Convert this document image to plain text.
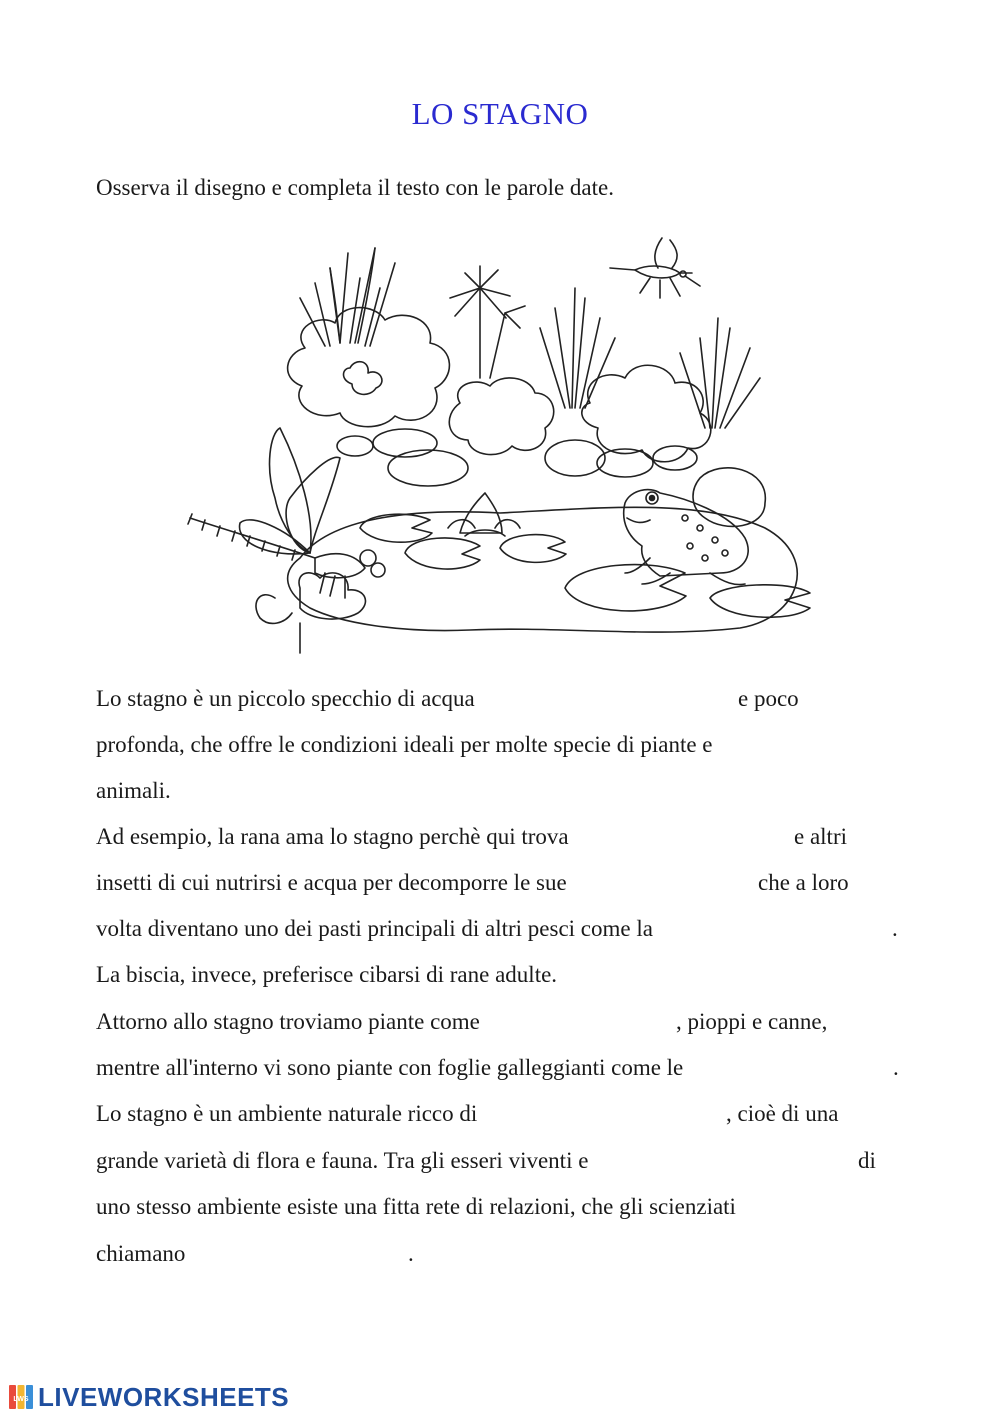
LO STAGNO
Osserva il disegno e completa il testo con le parole date.
Lo stagno è un piccolo specchio di acqua	e poco
profonda, che offre le condizioni ideali per molte specie di piante e
animali.
Ad esempio, la rana ama lo stagno perchè qui trova	e altri
insetti di cui nutrirsi e acqua per decomporre le sue	che a loro
volta diventano uno dei pasti principali di altri pesci come la	.
La biscia, invece, preferisce cibarsi di rane adulte.
Attorno allo stagno troviamo piante come	, pioppi e canne,
mentre all'interno vi sono piante con foglie galleggianti come le	.
Lo stagno è un ambiente naturale ricco di	, cioè di una
grande varietà di flora e fauna. Tra gli esseri viventi e	di
uno stesso ambiente esiste una fitta rete di relazioni, che gli scienziati
chiamano	.
LWS LIVEWORKSHEETS
